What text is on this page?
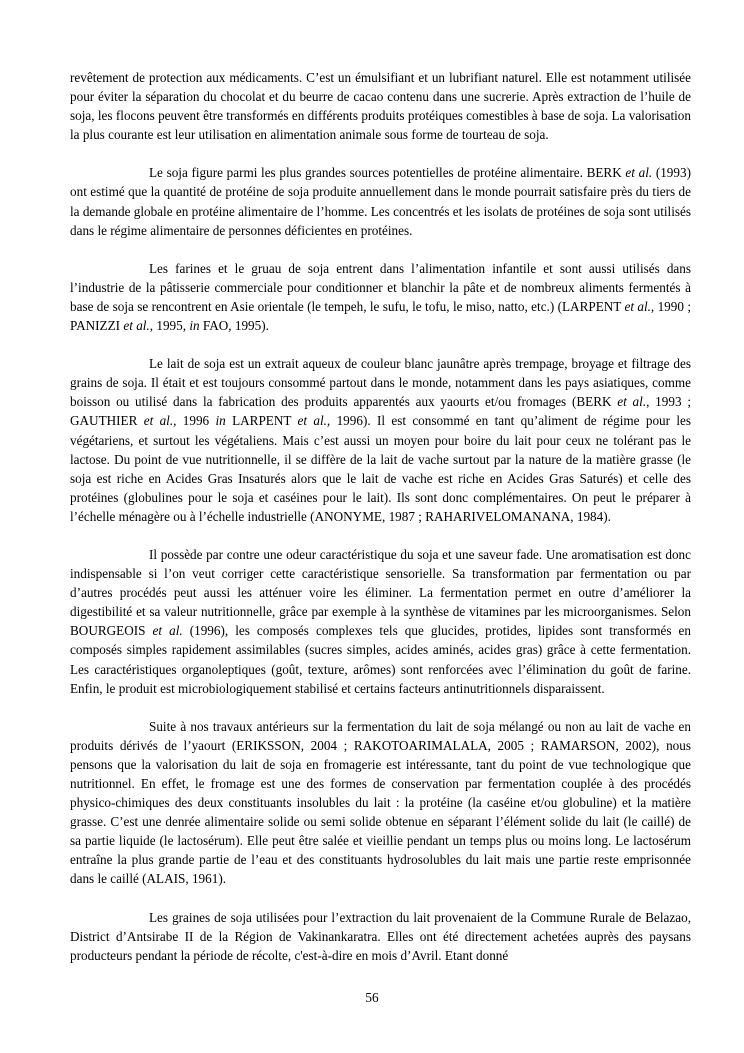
revêtement de protection aux médicaments. C’est un émulsifiant et un lubrifiant naturel. Elle est notamment utilisée pour éviter la séparation du chocolat et du beurre de cacao contenu dans une sucrerie. Après extraction de l’huile de soja, les flocons peuvent être transformés en différents produits protéiques comestibles à base de soja. La valorisation la plus courante est leur utilisation en alimentation animale sous forme de tourteau de soja.

Le soja figure parmi les plus grandes sources potentielles de protéine alimentaire. BERK et al. (1993) ont estimé que la quantité de protéine de soja produite annuellement dans le monde pourrait satisfaire près du tiers de la demande globale en protéine alimentaire de l’homme. Les concentrés et les isolats de protéines de soja sont utilisés dans le régime alimentaire de personnes déficientes en protéines.

Les farines et le gruau de soja entrent dans l’alimentation infantile et sont aussi utilisés dans l’industrie de la pâtisserie commerciale pour conditionner et blanchir la pâte et de nombreux aliments fermentés à base de soja se rencontrent en Asie orientale (le tempeh, le sufu, le tofu, le miso, natto, etc.) (LARPENT et al., 1990 ; PANIZZI et al., 1995, in FAO, 1995).

Le lait de soja est un extrait aqueux de couleur blanc jaunâtre après trempage, broyage et filtrage des grains de soja. Il était et est toujours consommé partout dans le monde, notamment dans les pays asiatiques, comme boisson ou utilisé dans la fabrication des produits apparentés aux yaourts et/ou fromages (BERK et al., 1993 ; GAUTHIER et al., 1996 in LARPENT et al., 1996). Il est consommé en tant qu’aliment de régime pour les végétariens, et surtout les végétaliens. Mais c’est aussi un moyen pour boire du lait pour ceux ne tolérant pas le lactose. Du point de vue nutritionnelle, il se diffère de la lait de vache surtout par la nature de la matière grasse (le soja est riche en Acides Gras Insaturés alors que le lait de vache est riche en Acides Gras Saturés) et celle des protéines (globulines pour le soja et caséines pour le lait). Ils sont donc complémentaires. On peut le préparer à l’échelle ménagère ou à l’échelle industrielle (ANONYME, 1987 ; RAHARIVELOMANANA, 1984).

Il possède par contre une odeur caractéristique du soja et une saveur fade. Une aromatisation est donc indispensable si l’on veut corriger cette caractéristique sensorielle. Sa transformation par fermentation ou par d’autres procédés peut aussi les atténuer voire les éliminer. La fermentation permet en outre d’améliorer la digestibilité et sa valeur nutritionnelle, grâce par exemple à la synthèse de vitamines par les microorganismes. Selon BOURGEOIS et al. (1996), les composés complexes tels que glucides, protides, lipides sont transformés en composés simples rapidement assimilables (sucres simples, acides aminés, acides gras) grâce à cette fermentation. Les caractéristiques organoleptiques (goût, texture, arômes) sont renforcées avec l’élimination du goût de farine. Enfin, le produit est microbiologiquement stabilisé et certains facteurs antinutritionnels disparaissent.

Suite à nos travaux antérieurs sur la fermentation du lait de soja mélangé ou non au lait de vache en produits dérivés de l’yaourt (ERIKSSON, 2004 ; RAKOTOARIMALALA, 2005 ; RAMARSON, 2002), nous pensons que la valorisation du lait de soja en fromagerie est intéressante, tant du point de vue technologique que nutritionnel. En effet, le fromage est une des formes de conservation par fermentation couplée à des procédés physico-chimiques des deux constituants insolubles du lait : la protéine (la caséine et/ou globuline) et la matière grasse. C’est une denrée alimentaire solide ou semi solide obtenue en séparant l’élément solide du lait (le caillé) de sa partie liquide (le lactosérum). Elle peut être salée et vieillie pendant un temps plus ou moins long. Le lactosérum entraîne la plus grande partie de l’eau et des constituants hydrosolubles du lait mais une partie reste emprisonnée dans le caillé (ALAIS, 1961).

Les graines de soja utilisées pour l’extraction du lait provenaient de la Commune Rurale de Belazao, District d’Antsirabe II de la Région de Vakinankaratra. Elles ont été directement achetées auprès des paysans producteurs pendant la période de récolte, c'est-à-dire en mois d’Avril. Etant donné

56
